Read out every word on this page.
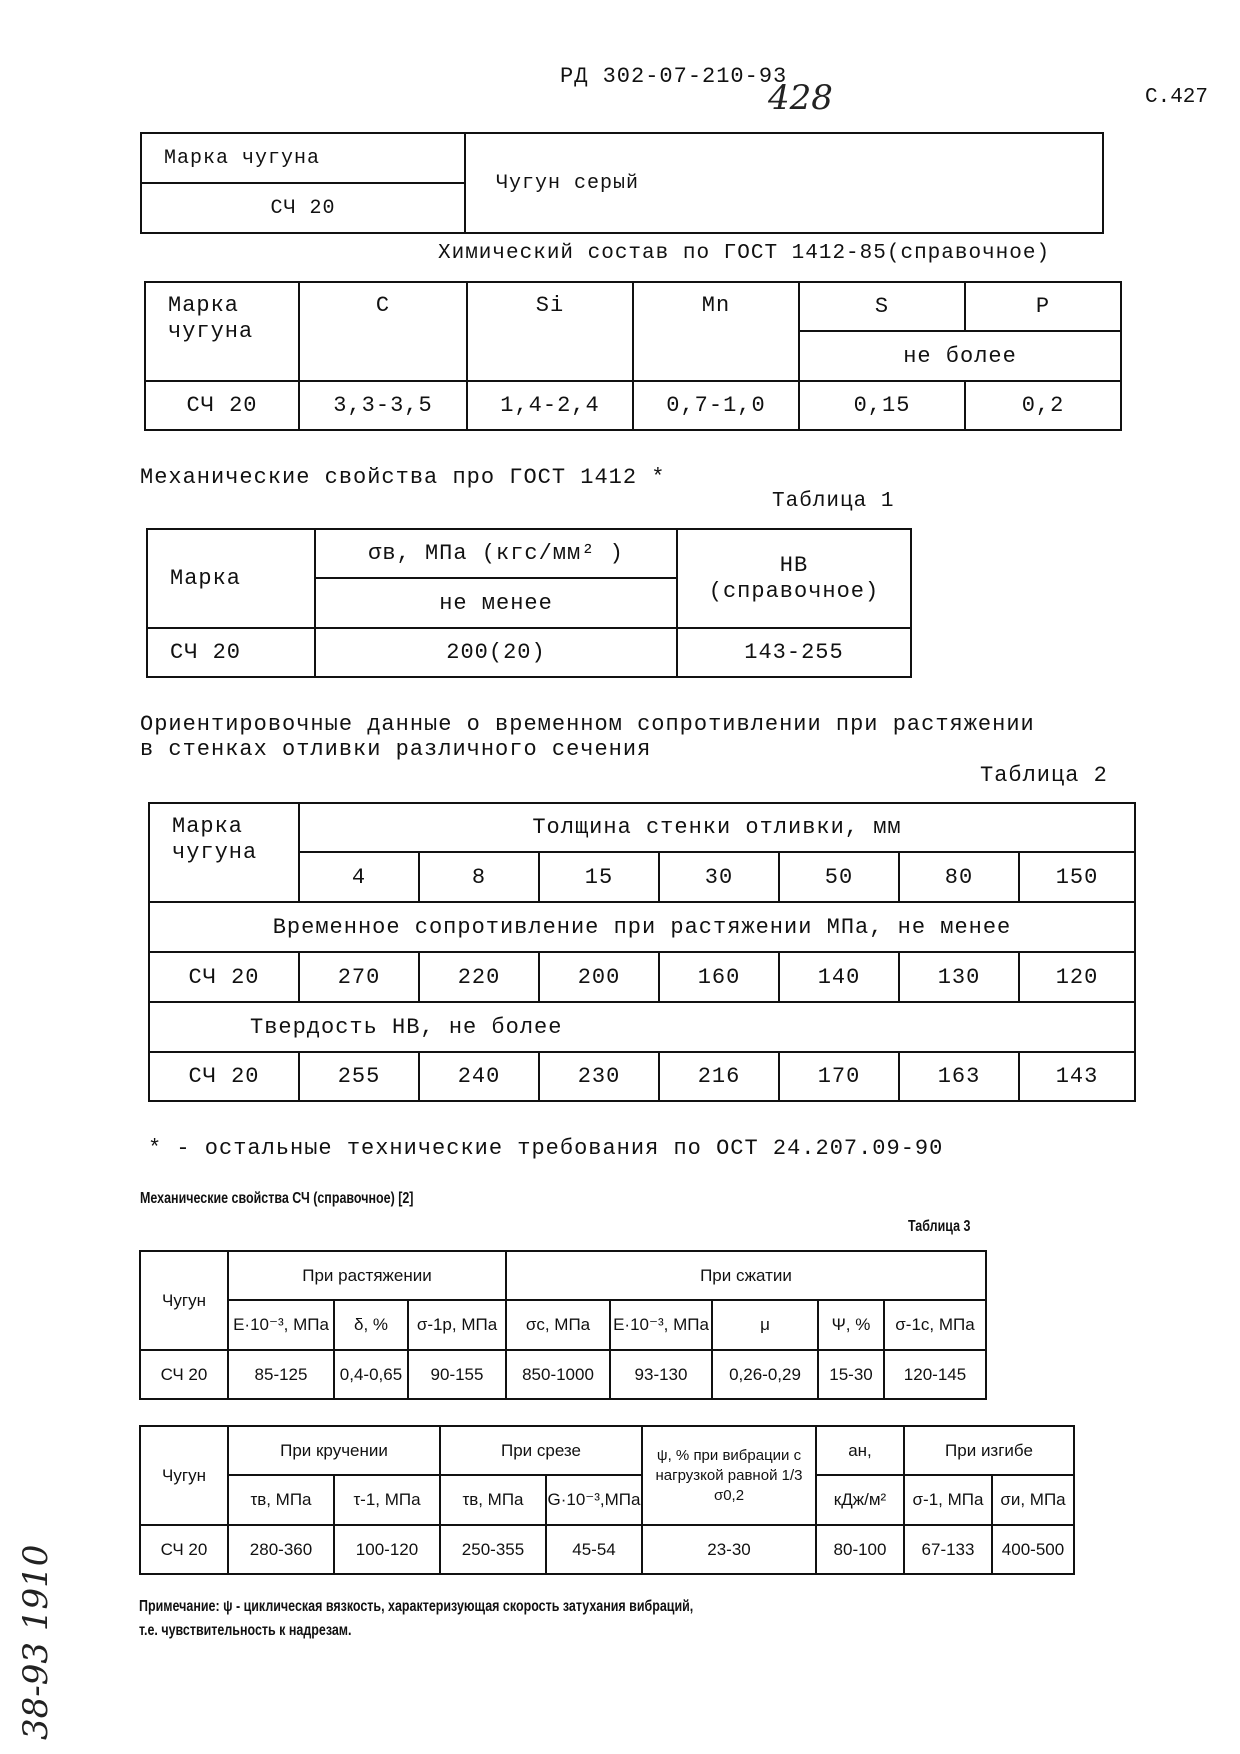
РД 302-07-210-93
428	С.427
Марка чугуна	Чугун серый
СЧ 20
Химический состав по ГОСТ 1412-85(справочное)
Марка чугуна	C	Si	Mn	S	P
				не более	
СЧ 20	3,3-3,5	1,4-2,4	0,7-1,0	0,15	0,2
Механические свойства про ГОСТ 1412 *
Таблица 1
Марка	σв, МПа (кгс/мм² )	НВ (справочное)
	не менее	
СЧ 20	200(20)	143-255
Ориентировочные данные о временном сопротивлении при растяжении
в стенках отливки различного сечения
Таблица 2
Марка чугуна	Толщина стенки отливки, мм						
	4	8	15	30	50	80	150
Временное сопротивление при растяжении МПа, не менее							
СЧ 20	270	220	200	160	140	130	120
Твердость НВ, не более							
СЧ 20	255	240	230	216	170	163	143
* - остальные технические требования по ОСТ 24.207.09-90
Механические свойства СЧ (справочное) [2]
Таблица 3
Чугун	При растяжении			При сжатии				
	E·10⁻³, МПа	δ, %	σ-1р, МПа	σс, МПа	E·10⁻³, МПа	μ	Ψ, %	σ-1с, МПа
СЧ 20	85-125	0,4-0,65	90-155	850-1000	93-130	0,26-0,29	15-30	120-145
Чугун	При кручении		При срезе		ψ, % при вибрации с нагрузкой равной 1/3 σ0,2	aн,	При изгибе	
	τв, МПа	τ-1, МПа	τв, МПа	G·10⁻³,МПа		кДж/м²	σ-1, МПа	σи, МПа
СЧ 20	280-360	100-120	250-355	45-54	23-30	80-100	67-133	400-500
Примечание: ψ - циклическая вязкость, характеризующая скорость затухания вибраций,
т.е. чувствительность к надрезам.
38-93 1910
